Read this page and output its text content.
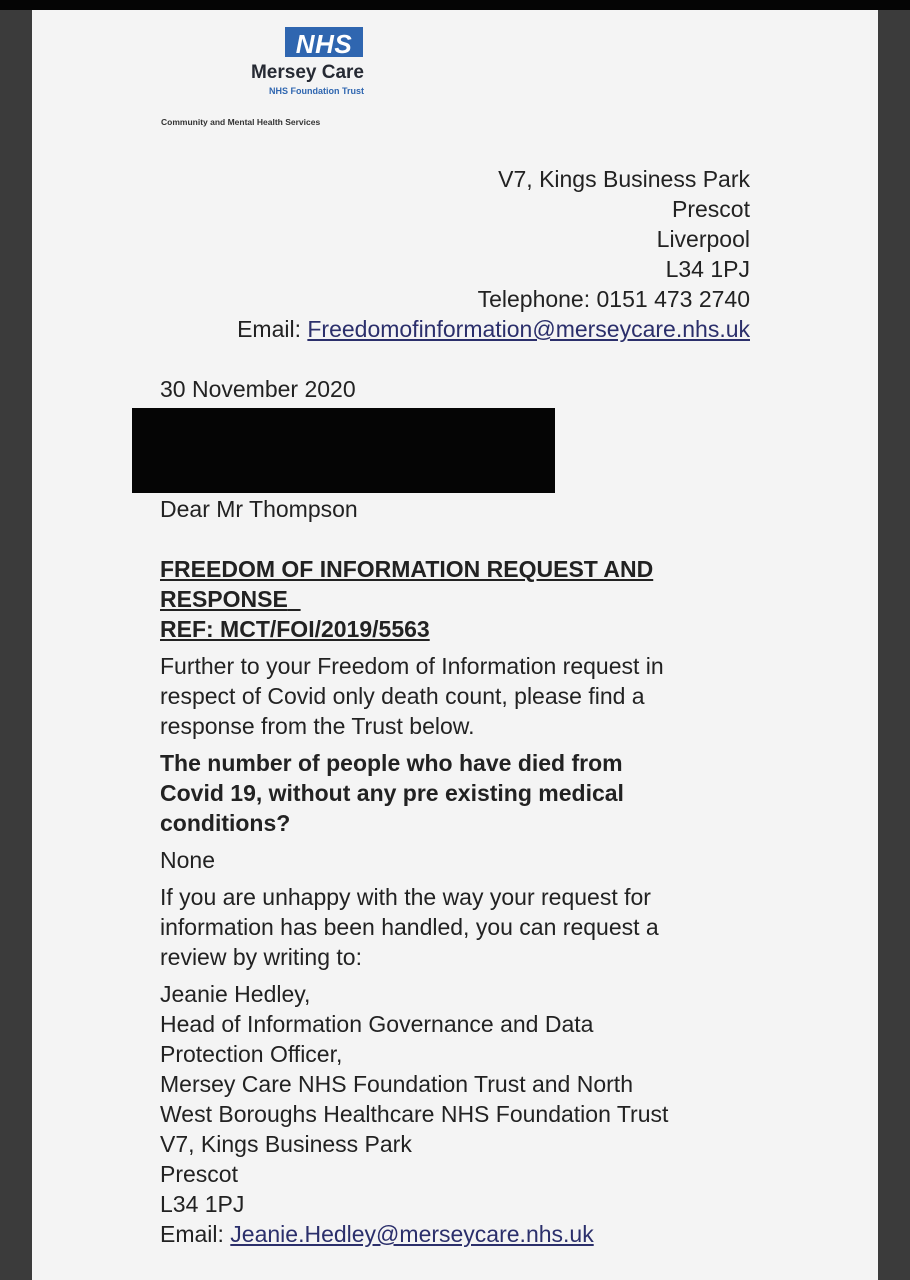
NHS
Mersey Care
NHS Foundation Trust
Community and Mental Health Services
V7, Kings Business Park
Prescot
Liverpool
L34 1PJ
Telephone: 0151 473 2740
Email: Freedomofinformation@merseycare.nhs.uk
30 November 2020
Dear Mr Thompson
FREEDOM OF INFORMATION REQUEST AND
RESPONSE
REF: MCT/FOI/2019/5563
Further to your Freedom of Information request in
respect of Covid only death count, please find a
response from the Trust below.
The number of people who have died from
Covid 19, without any pre existing medical
conditions?
None
If you are unhappy with the way your request for
information has been handled, you can request a
review by writing to:
Jeanie Hedley,
Head of Information Governance and Data
Protection Officer,
Mersey Care NHS Foundation Trust and North
West Boroughs Healthcare NHS Foundation Trust
V7, Kings Business Park
Prescot
L34 1PJ
Email: Jeanie.Hedley@merseycare.nhs.uk
